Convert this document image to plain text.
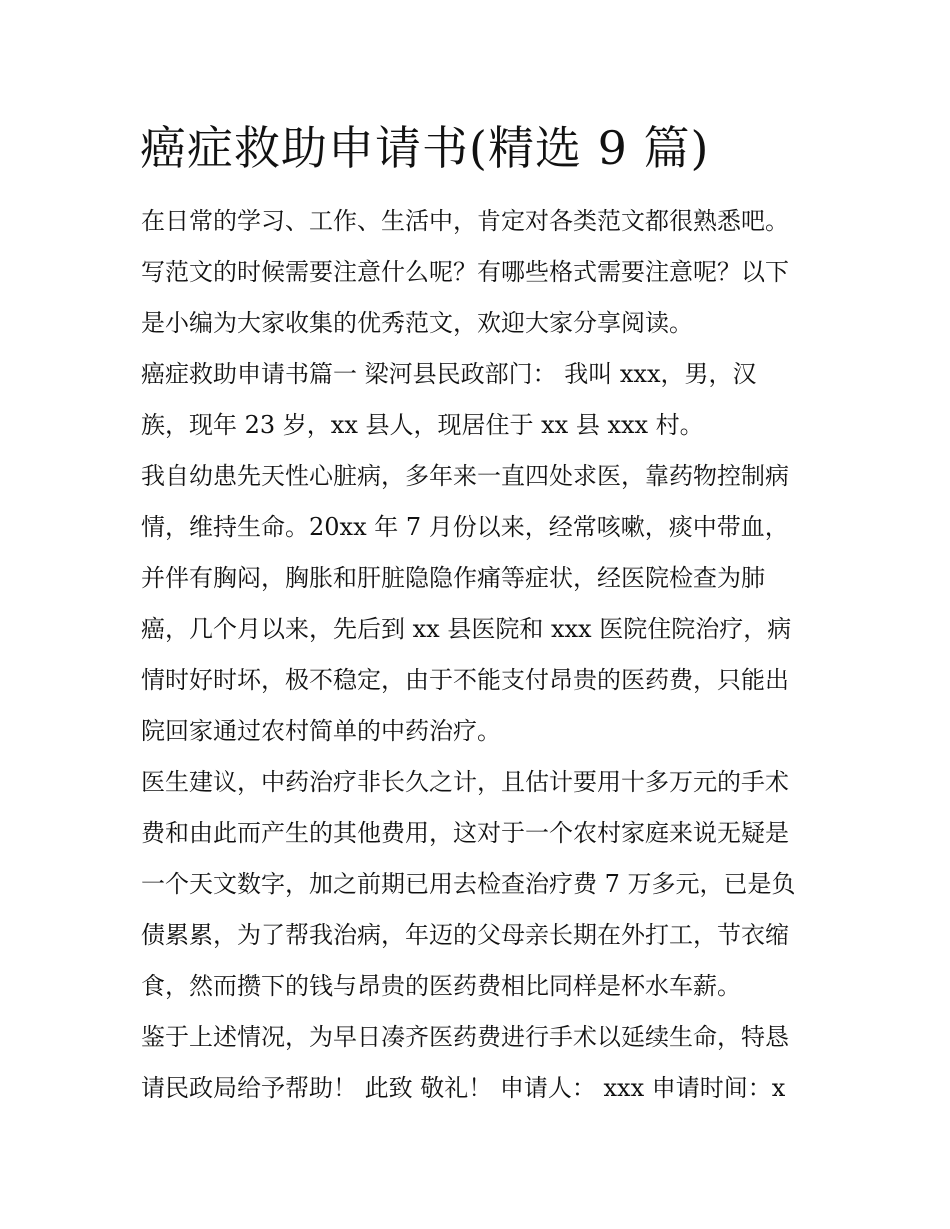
癌症救助申请书(精选 9 篇)

在日常的学习、工作、生活中，肯定对各类范文都很熟悉吧。

写范文的时候需要注意什么呢？有哪些格式需要注意呢？以下

是小编为大家收集的优秀范文，欢迎大家分享阅读。

癌症救助申请书篇一 梁河县民政部门： 我叫 xxx，男，汉

族，现年 23 岁，xx 县人，现居住于 xx 县 xxx 村。

我自幼患先天性心脏病，多年来一直四处求医，靠药物控制病

情，维持生命。20xx 年 7 月份以来，经常咳嗽，痰中带血，

并伴有胸闷，胸胀和肝脏隐隐作痛等症状，经医院检查为肺

癌，几个月以来，先后到 xx 县医院和 xxx 医院住院治疗，病

情时好时坏，极不稳定，由于不能支付昂贵的医药费，只能出

院回家通过农村简单的中药治疗。

医生建议，中药治疗非长久之计，且估计要用十多万元的手术

费和由此而产生的其他费用，这对于一个农村家庭来说无疑是

一个天文数字，加之前期已用去检查治疗费 7 万多元，已是负

债累累，为了帮我治病，年迈的父母亲长期在外打工，节衣缩

食，然而攒下的钱与昂贵的医药费相比同样是杯水车薪。

鉴于上述情况，为早日凑齐医药费进行手术以延续生命，特恳

请民政局给予帮助！ 此致 敬礼！ 申请人： xxx 申请时间：x
